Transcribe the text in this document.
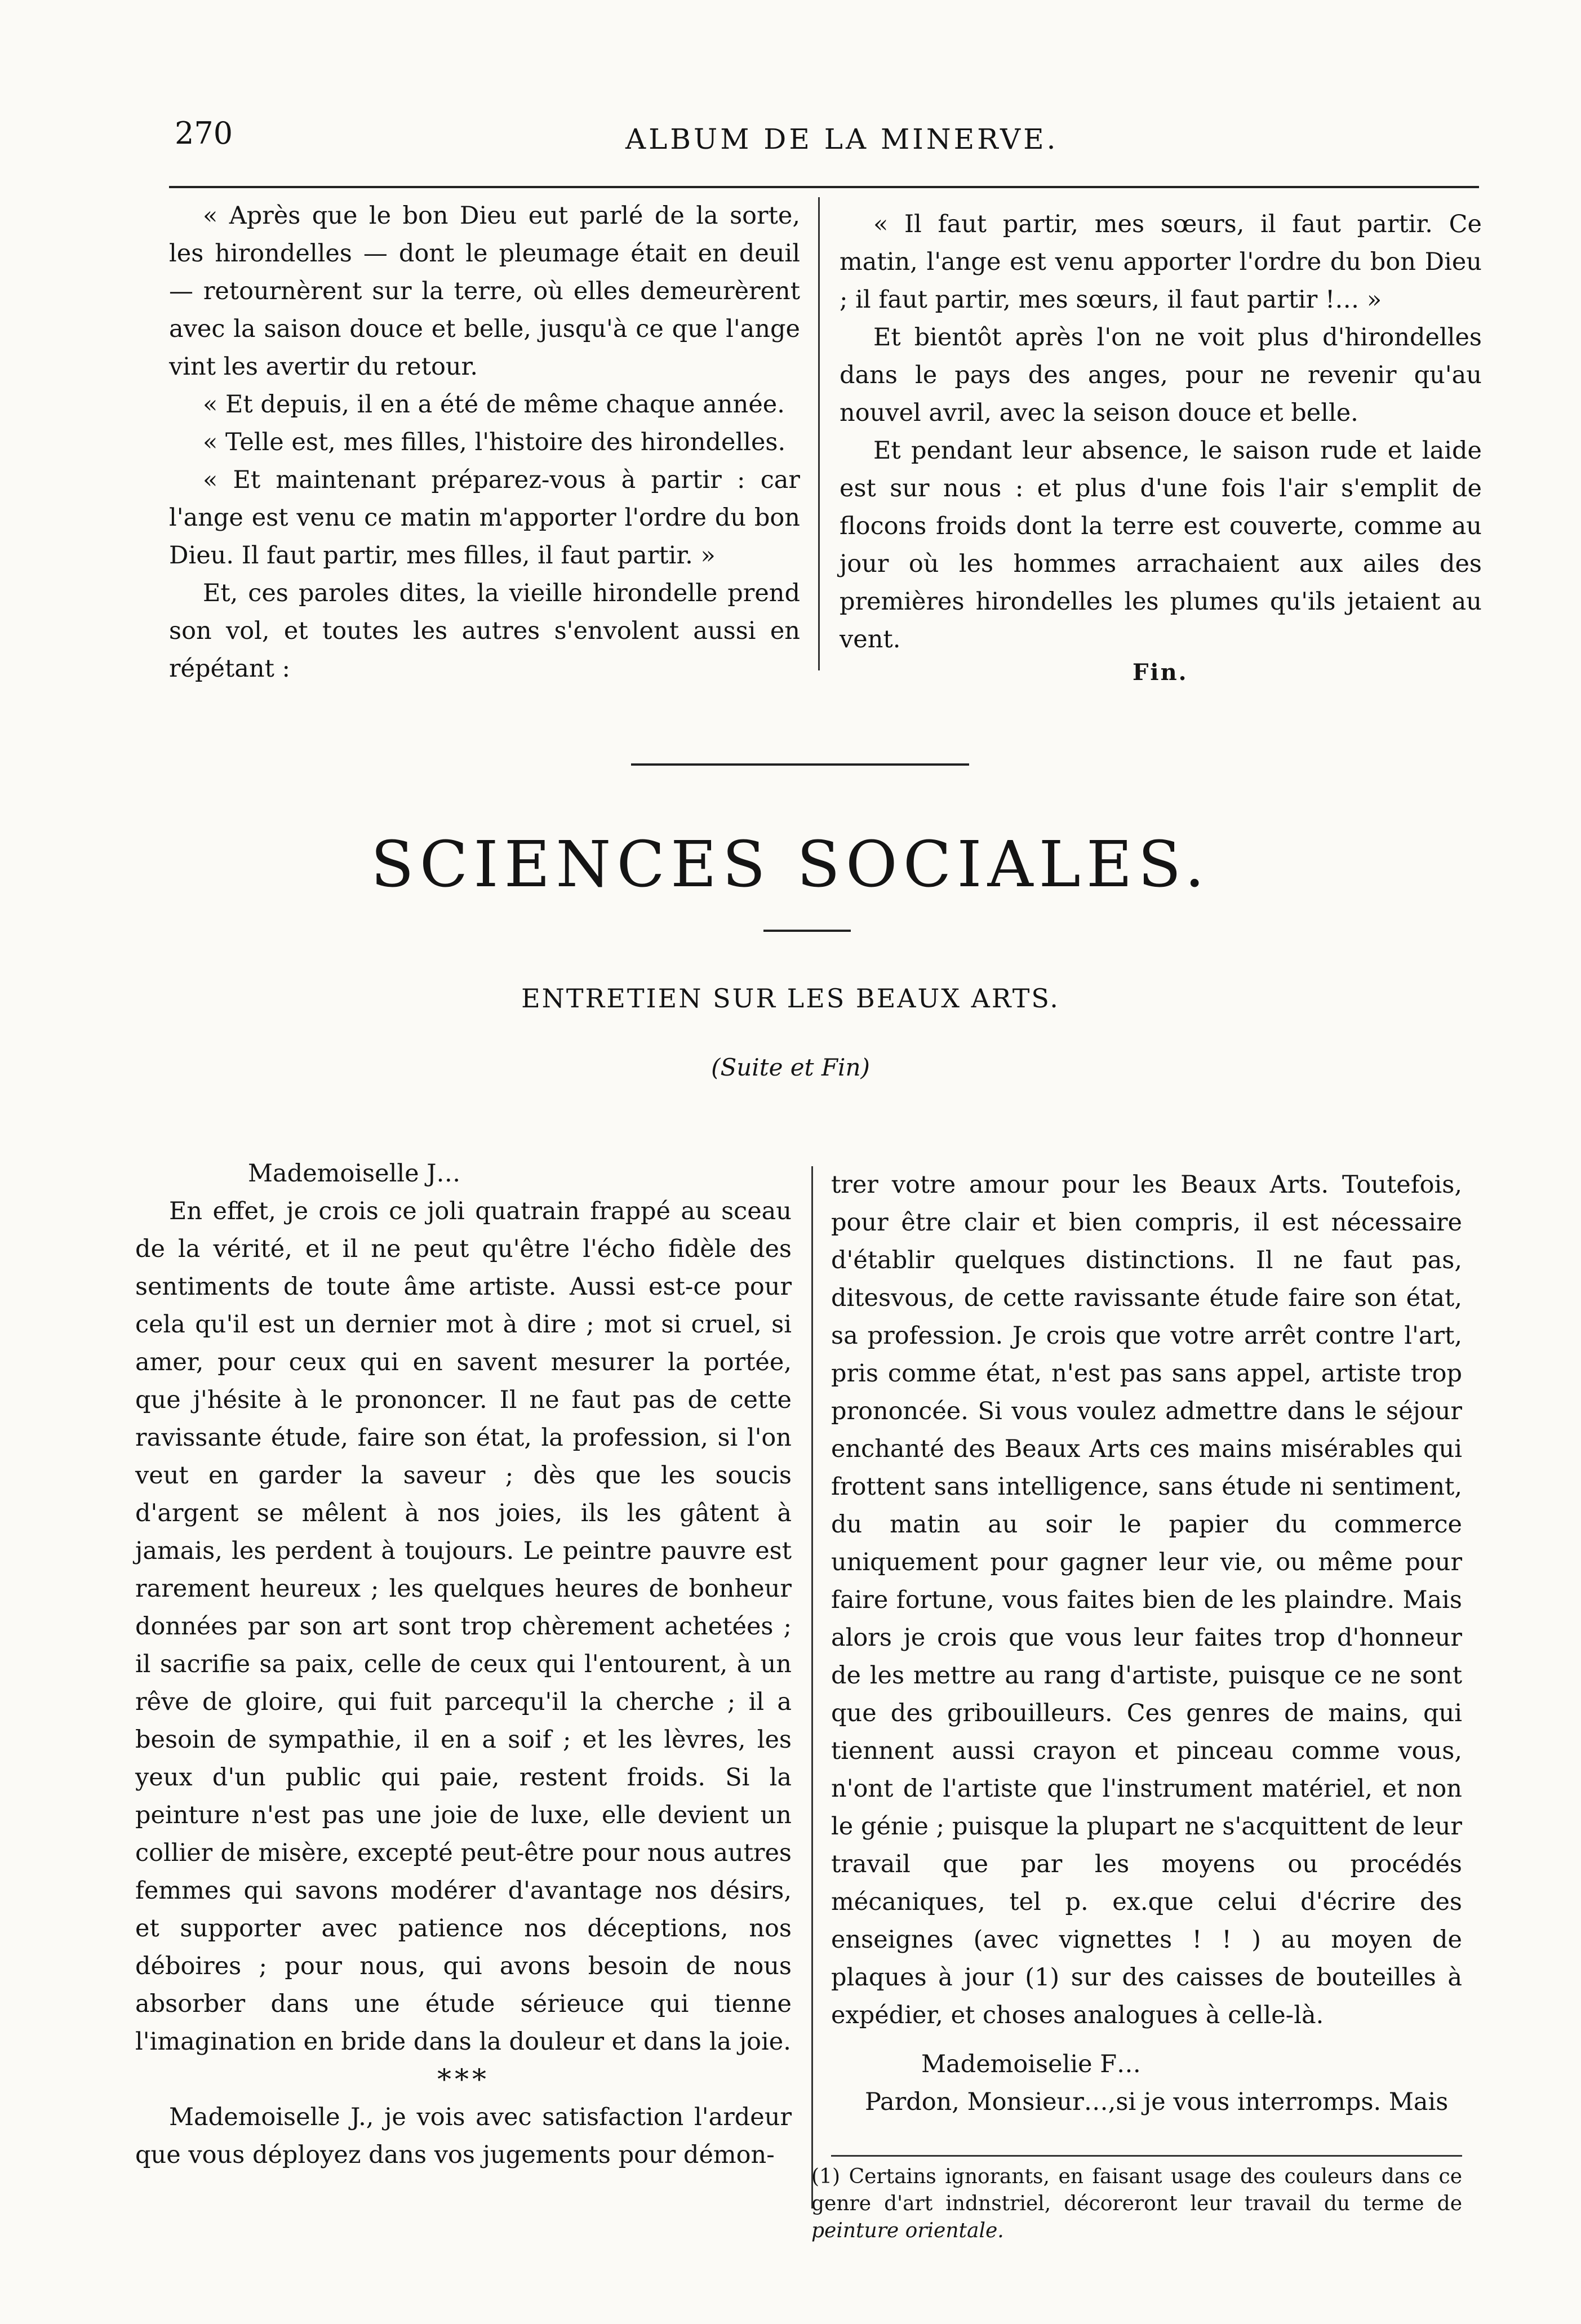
270	ALBUM DE LA MINERVE.

« Après que le bon Dieu eut parlé de la sorte, les hirondelles — dont le pleumage était en deuil — retournèrent sur la terre, où elles demeurèrent avec la saison douce et belle, jusqu'à ce que l'ange vint les avertir du retour.

« Et depuis, il en a été de même chaque année.

« Telle est, mes filles, l'histoire des hirondelles.

« Et maintenant préparez-vous à partir : car l'ange est venu ce matin m'apporter l'ordre du bon Dieu. Il faut partir, mes filles, il faut partir. »

Et, ces paroles dites, la vieille hirondelle prend son vol, et toutes les autres s'envolent aussi en répétant :

« Il faut partir, mes sœurs, il faut partir. Ce matin, l'ange est venu apporter l'ordre du bon Dieu ; il faut partir, mes sœurs, il faut partir !… »

Et bientôt après l'on ne voit plus d'hirondelles dans le pays des anges, pour ne revenir qu'au nouvel avril, avec la seison douce et belle.

Et pendant leur absence, le saison rude et laide est sur nous : et plus d'une fois l'air s'emplit de flocons froids dont la terre est couverte, comme au jour où les hommes arrachaient aux ailes des premières hirondelles les plumes qu'ils jetaient au vent.

Fin.
SCIENCES SOCIALES.
ENTRETIEN SUR LES BEAUX ARTS.
(Suite et Fin)

Mademoiselle J…

En effet, je crois ce joli quatrain frappé au sceau de la vérité, et il ne peut qu'être l'écho fidèle des sentiments de toute âme artiste. Aussi est-ce pour cela qu'il est un dernier mot à dire ; mot si cruel, si amer, pour ceux qui en savent mesurer la portée, que j'hésite à le prononcer. Il ne faut pas de cette ravissante étude, faire son état, la profession, si l'on veut en garder la saveur ; dès que les soucis d'argent se mêlent à nos joies, ils les gâtent à jamais, les perdent à toujours. Le peintre pauvre est rarement heureux ; les quelques heures de bonheur données par son art sont trop chèrement achetées ; il sacrifie sa paix, celle de ceux qui l'entourent, à un rêve de gloire, qui fuit parcequ'il la cherche ; il a besoin de sympathie, il en a soif ; et les lèvres, les yeux d'un public qui paie, restent froids. Si la peinture n'est pas une joie de luxe, elle devient un collier de misère, excepté peut-être pour nous autres femmes qui savons modérer d'avantage nos désirs, et supporter avec patience nos déceptions, nos déboires ; pour nous, qui avons besoin de nous absorber dans une étude sérieuce qui tienne l'imagination en bride dans la douleur et dans la joie.

***

Mademoiselle J., je vois avec satisfaction l'ardeur que vous déployez dans vos jugements pour démon-

trer votre amour pour les Beaux Arts. Toutefois, pour être clair et bien compris, il est nécessaire d'établir quelques distinctions. Il ne faut pas, ditesvous, de cette ravissante étude faire son état, sa profession. Je crois que votre arrêt contre l'art, pris comme état, n'est pas sans appel, artiste trop prononcée. Si vous voulez admettre dans le séjour enchanté des Beaux Arts ces mains misérables qui frottent sans intelligence, sans étude ni sentiment, du matin au soir le papier du commerce uniquement pour gagner leur vie, ou même pour faire fortune, vous faites bien de les plaindre. Mais alors je crois que vous leur faites trop d'honneur de les mettre au rang d'artiste, puisque ce ne sont que des gribouilleurs. Ces genres de mains, qui tiennent aussi crayon et pinceau comme vous, n'ont de l'artiste que l'instrument matériel, et non le génie ; puisque la plupart ne s'acquittent de leur travail que par les moyens ou procédés mécaniques, tel p. ex.que celui d'écrire des enseignes (avec vignettes ! ! ) au moyen de plaques à jour (1) sur des caisses de bouteilles à expédier, et choses analogues à celle-là.

Mademoiselie F…

Pardon, Monsieur…,si je vous interromps. Mais

(1) Certains ignorants, en faisant usage des couleurs dans ce genre d'art indnstriel, décoreront leur travail du terme de peinture orientale.
